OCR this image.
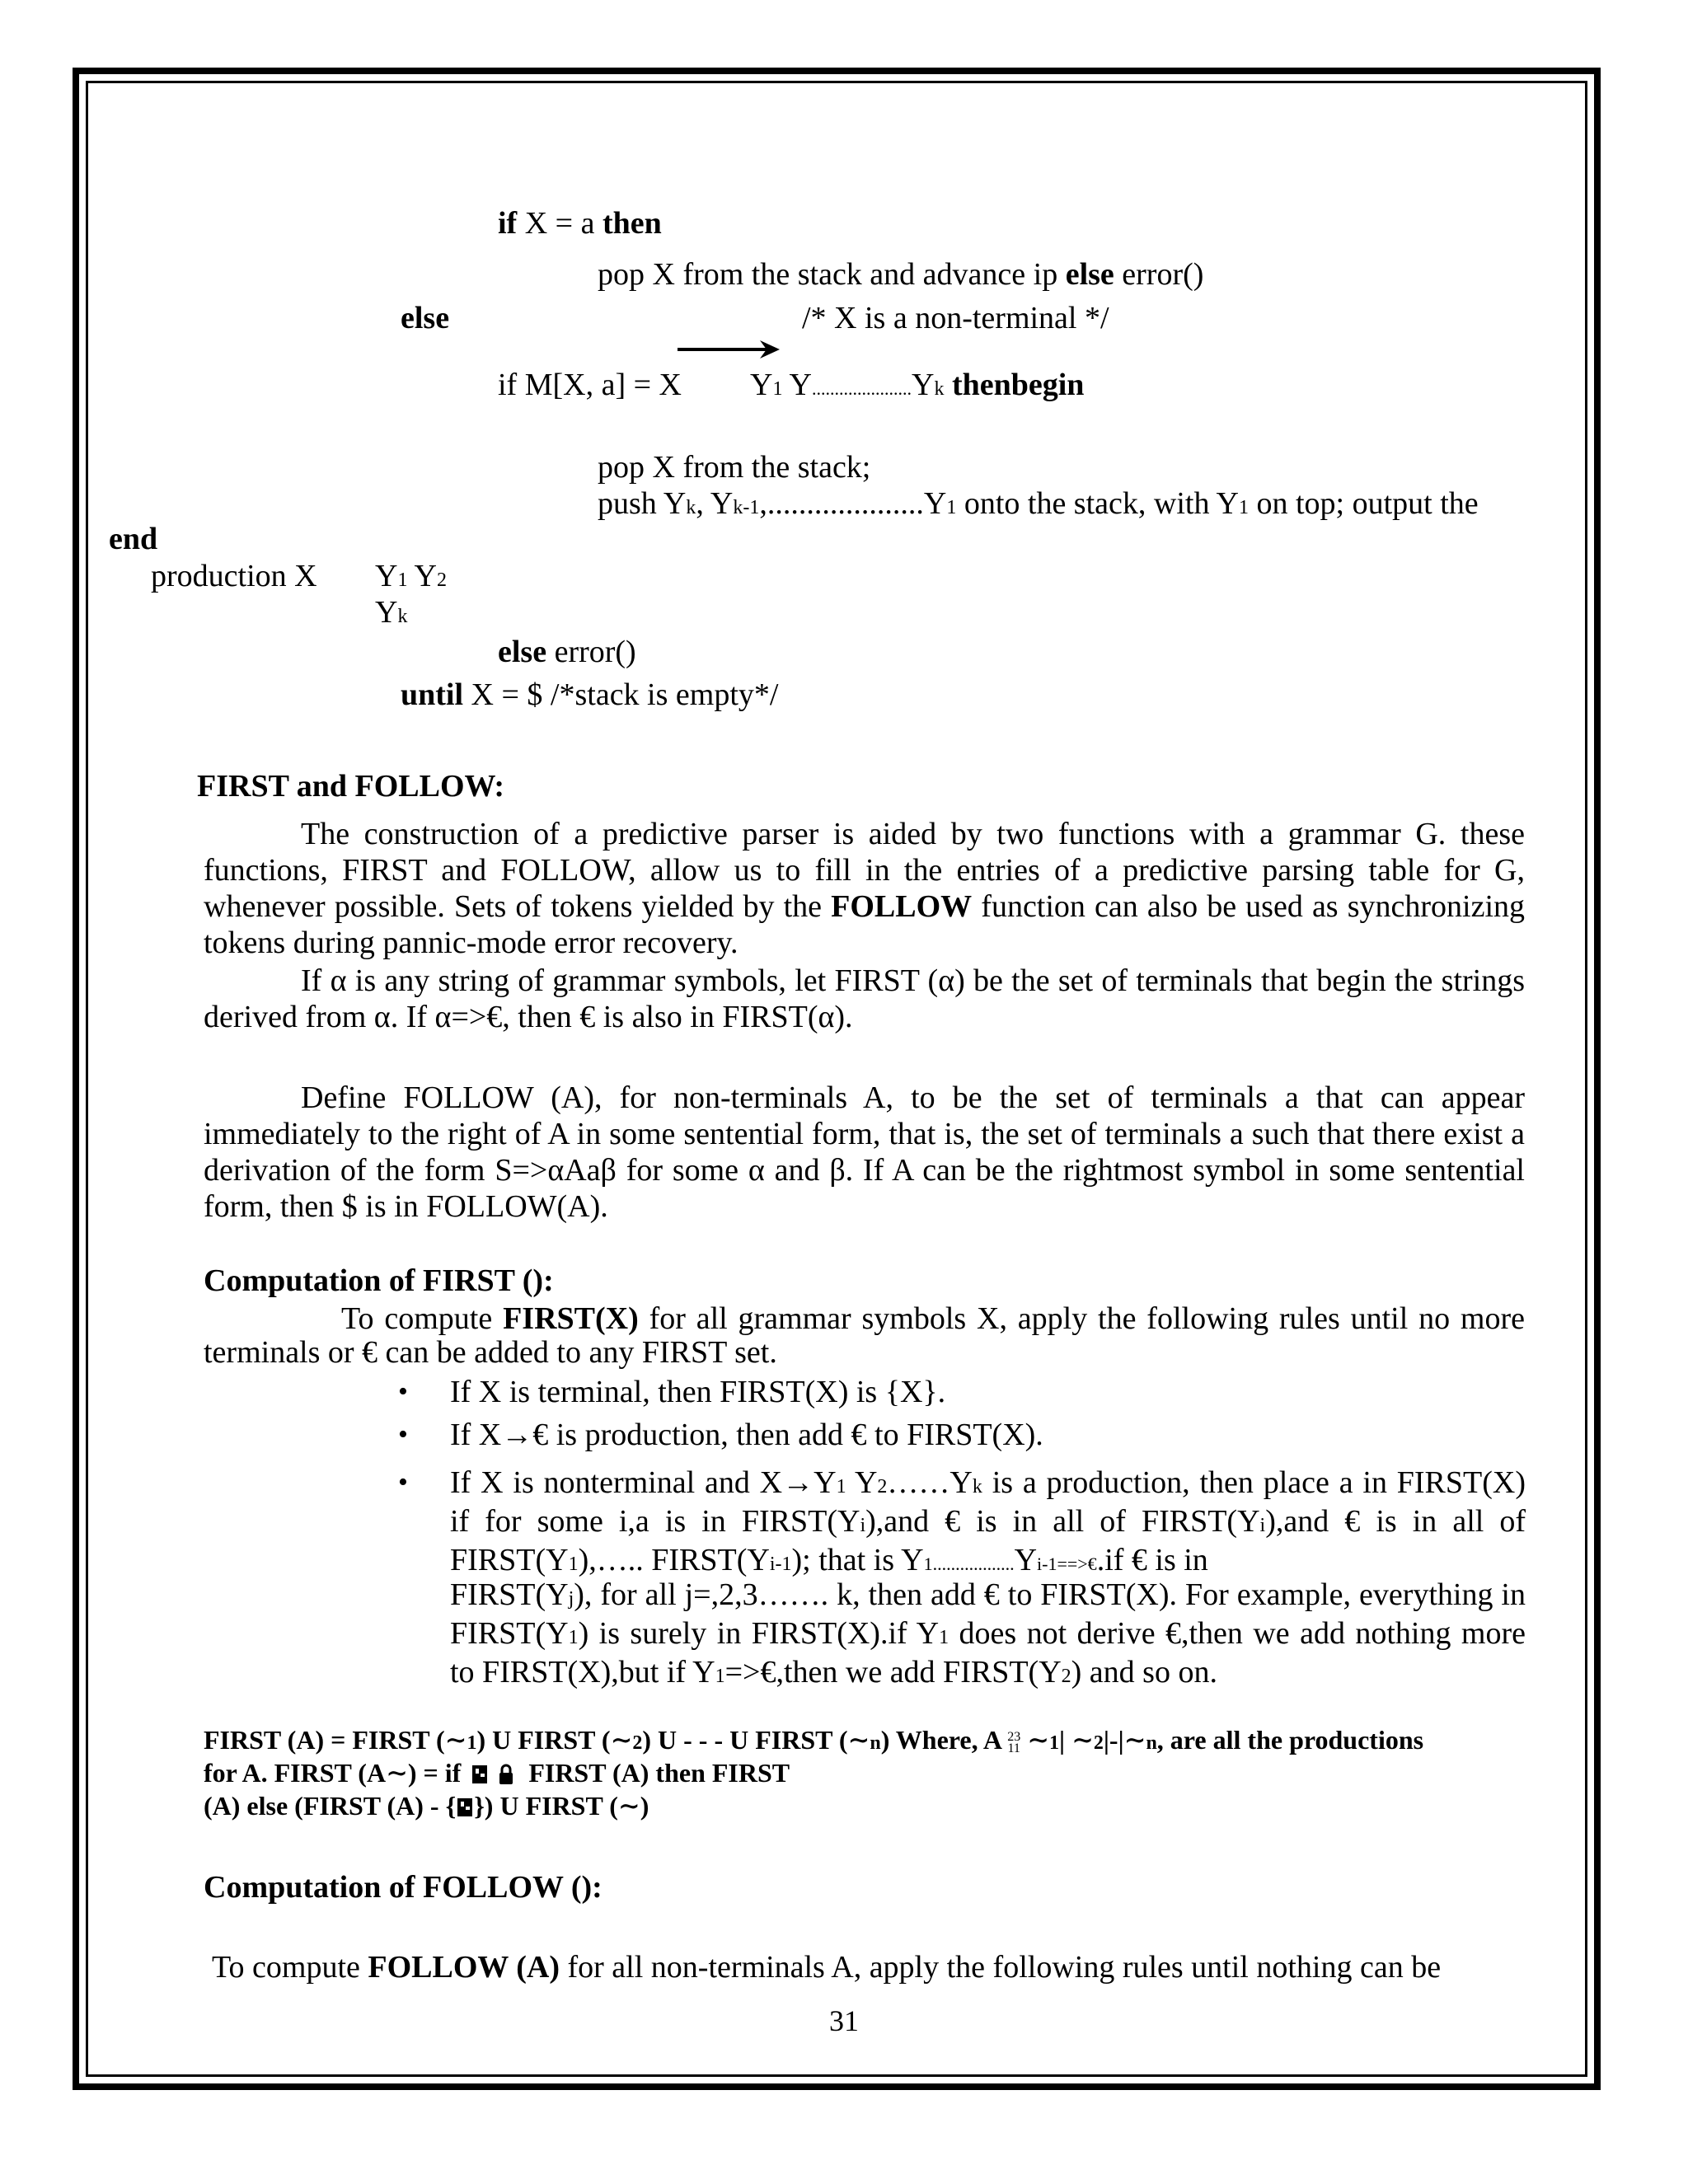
if X = a then
pop X from the stack and advance ip else error()
else	/* X is a non-terminal */
if M[X, a] = X Y1 Y......................Yk thenbegin
pop X from the stack;
push Yk, Yk-1,....................Y1 onto the stack, with Y1 on top; output the
end
production X Y1 Y2
Yk
else error()
until X = $ /*stack is empty*/
FIRST and FOLLOW:
The construction of a predictive parser is aided by two functions with a grammar G. these functions, FIRST and FOLLOW, allow us to fill in the entries of a predictive parsing table for G, whenever possible. Sets of tokens yielded by the FOLLOW function can also be used as synchronizing tokens during pannic-mode error recovery.
If α is any string of grammar symbols, let FIRST (α) be the set of terminals that begin the strings derived from α. If α=>€, then € is also in FIRST(α).
Define FOLLOW (A), for non-terminals A, to be the set of terminals a that can appear immediately to the right of A in some sentential form, that is, the set of terminals a such that there exist a derivation of the form S=>αAaβ for some α and β. If A can be the rightmost symbol in some sentential form, then $ is in FOLLOW(A).
Computation of FIRST ():
To compute FIRST(X) for all grammar symbols X, apply the following rules until no more terminals or € can be added to any FIRST set.
•	If X is terminal, then FIRST(X) is {X}.
•	If X→€ is production, then add € to FIRST(X).
•	If X is nonterminal and X→Y1 Y2……Yk is a production, then place a in FIRST(X) if for some i,a is in FIRST(Yi),and € is in all of FIRST(Yi),and € is in all of FIRST(Y1),….. FIRST(Yi-1); that is Y1..................Yi-1==>€.if € is in
FIRST(Yj), for all j=,2,3……. k, then add € to FIRST(X). For example, everything in FIRST(Y1) is surely in FIRST(X).if Y1 does not derive €,then we add nothing more to FIRST(X),but if Y1=>€,then we add FIRST(Y2) and so on.
FIRST (A) = FIRST (∼1) U FIRST (∼2) U - - - U FIRST (∼n) Where, A 23
11 ∼1| ∼2|-|∼n, are all the productions
for A. FIRST (A∼) = if  FIRST (A) then FIRST
(A) else (FIRST (A) - { }) U FIRST (∼)
Computation of FOLLOW ():
To compute FOLLOW (A) for all non-terminals A, apply the following rules until nothing can be
31
